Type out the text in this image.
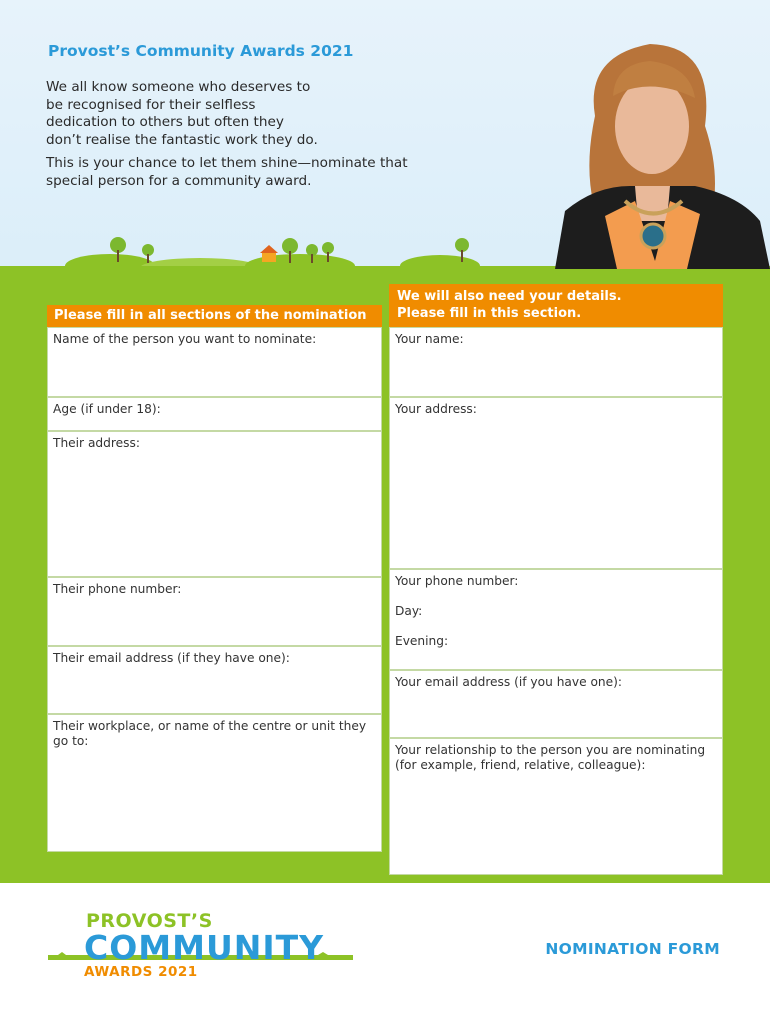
Provost’s Community Awards 2021

We all know someone who deserves to be recognised for their selfless dedication to others but often they don’t realise the fantastic work they do.

This is your chance to let them shine—nominate that special person for a community award.

Please fill in all sections of the nomination
We will also need your details.
Please fill in this section.
Name of the person you want to nominate:
Age (if under 18):
Their address:
Their phone number:
Their email address (if they have one):
Their workplace, or name of the centre or unit they go to:
Your name:
Your address:
Your phone number:
Day:
Evening:
Your email address (if you have one):
Your relationship to the person you are nominating (for example, friend, relative, colleague):
PROVOST’S
COMMUNITY
AWARDS 2021
NOMINATION FORM
